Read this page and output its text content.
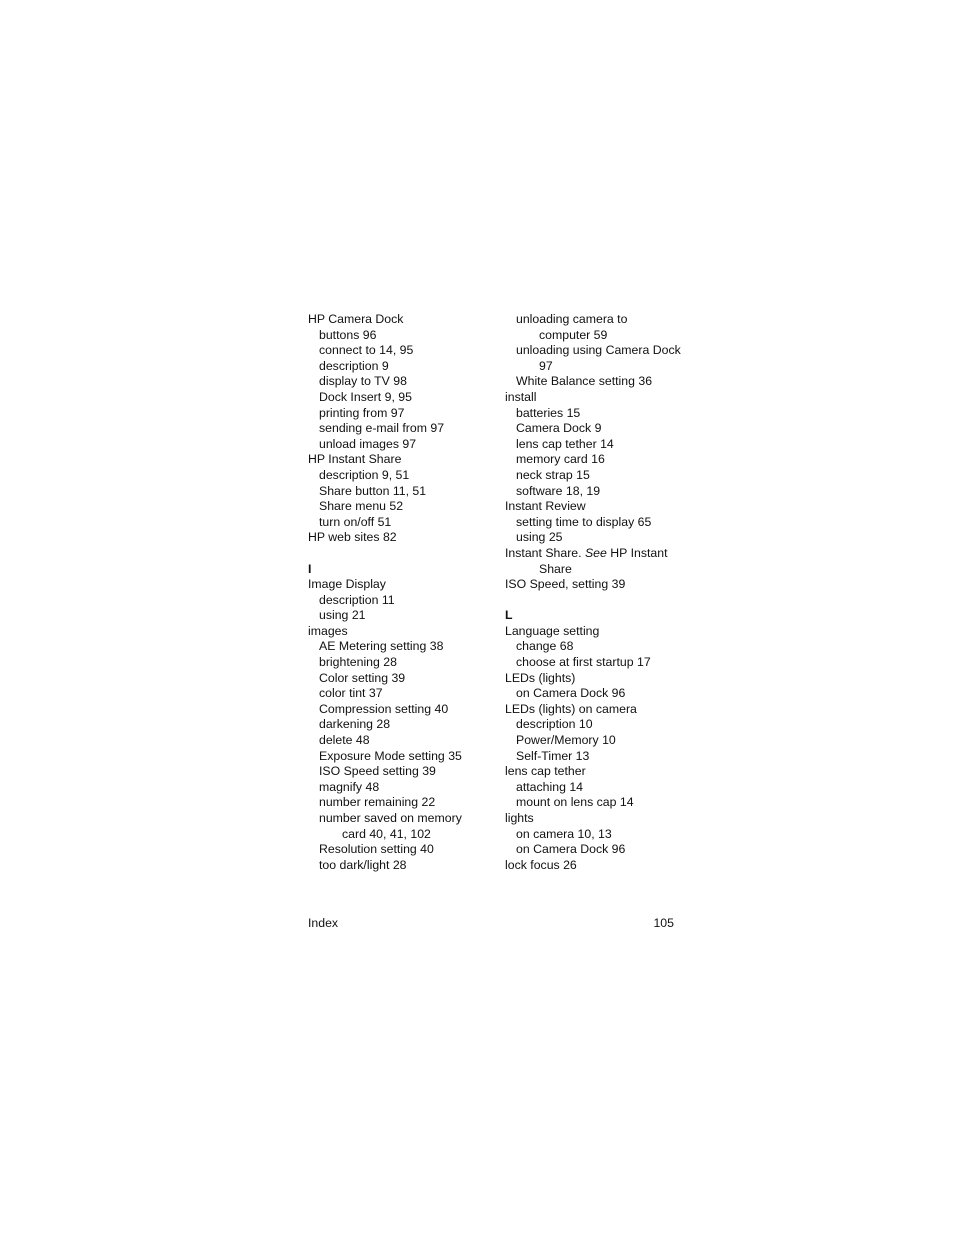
HP Camera Dock
buttons 96
connect to 14, 95
description 9
display to TV 98
Dock Insert 9, 95
printing from 97
sending e-mail from 97
unload images 97
HP Instant Share
description 9, 51
Share button 11, 51
Share menu 52
turn on/off 51
HP web sites 82
I
Image Display
description 11
using 21
images
AE Metering setting 38
brightening 28
Color setting 39
color tint 37
Compression setting 40
darkening 28
delete 48
Exposure Mode setting 35
ISO Speed setting 39
magnify 48
number remaining 22
number saved on memory
card 40, 41, 102
Resolution setting 40
too dark/light 28
unloading camera to
computer 59
unloading using Camera Dock
97
White Balance setting 36
install
batteries 15
Camera Dock 9
lens cap tether 14
memory card 16
neck strap 15
software 18, 19
Instant Review
setting time to display 65
using 25
Instant Share. See HP Instant
Share
ISO Speed, setting 39
L
Language setting
change 68
choose at first startup 17
LEDs (lights)
on Camera Dock 96
LEDs (lights) on camera
description 10
Power/Memory 10
Self-Timer 13
lens cap tether
attaching 14
mount on lens cap 14
lights
on camera 10, 13
on Camera Dock 96
lock focus 26
Index	105
